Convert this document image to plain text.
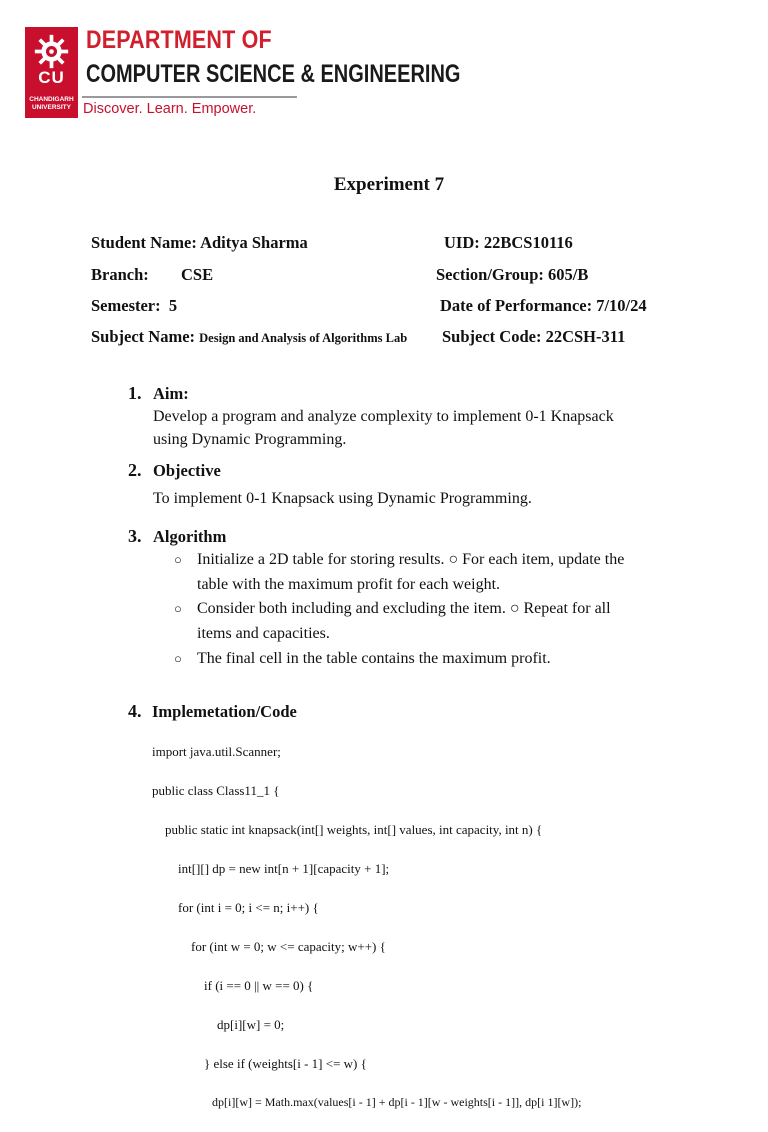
CU
CHANDIGARH UNIVERSITY
DEPARTMENT OF
COMPUTER SCIENCE & ENGINEERING
Discover. Learn. Empower.
Experiment 7
Student Name: Aditya Sharma	UID: 22BCS10116
Branch: CSE	Section/Group: 605/B
Semester:  5	Date of Performance: 7/10/24
Subject Name: Design and Analysis of Algorithms Lab Subject Code: 22CSH-311
1. Aim:
Develop a program and analyze complexity to implement 0-1 Knapsack
using Dynamic Programming.
2. Objective
To implement 0-1 Knapsack using Dynamic Programming.
3. Algorithm
○ Initialize a 2D table for storing results. ○ For each item, update the
table with the maximum profit for each weight.
○ Consider both including and excluding the item. ○ Repeat for all
items and capacities.
○ The final cell in the table contains the maximum profit.
4. Implemetation/Code

import java.util.Scanner;

public class Class11_1 {

public static int knapsack(int[] weights, int[] values, int capacity, int n) {

int[][] dp = new int[n + 1][capacity + 1];

for (int i = 0; i <= n; i++) {

for (int w = 0; w <= capacity; w++) {

if (i == 0 || w == 0) {

dp[i][w] = 0;

} else if (weights[i - 1] <= w) {

dp[i][w] = Math.max(values[i - 1] + dp[i - 1][w - weights[i - 1]], dp[i 1][w]);
